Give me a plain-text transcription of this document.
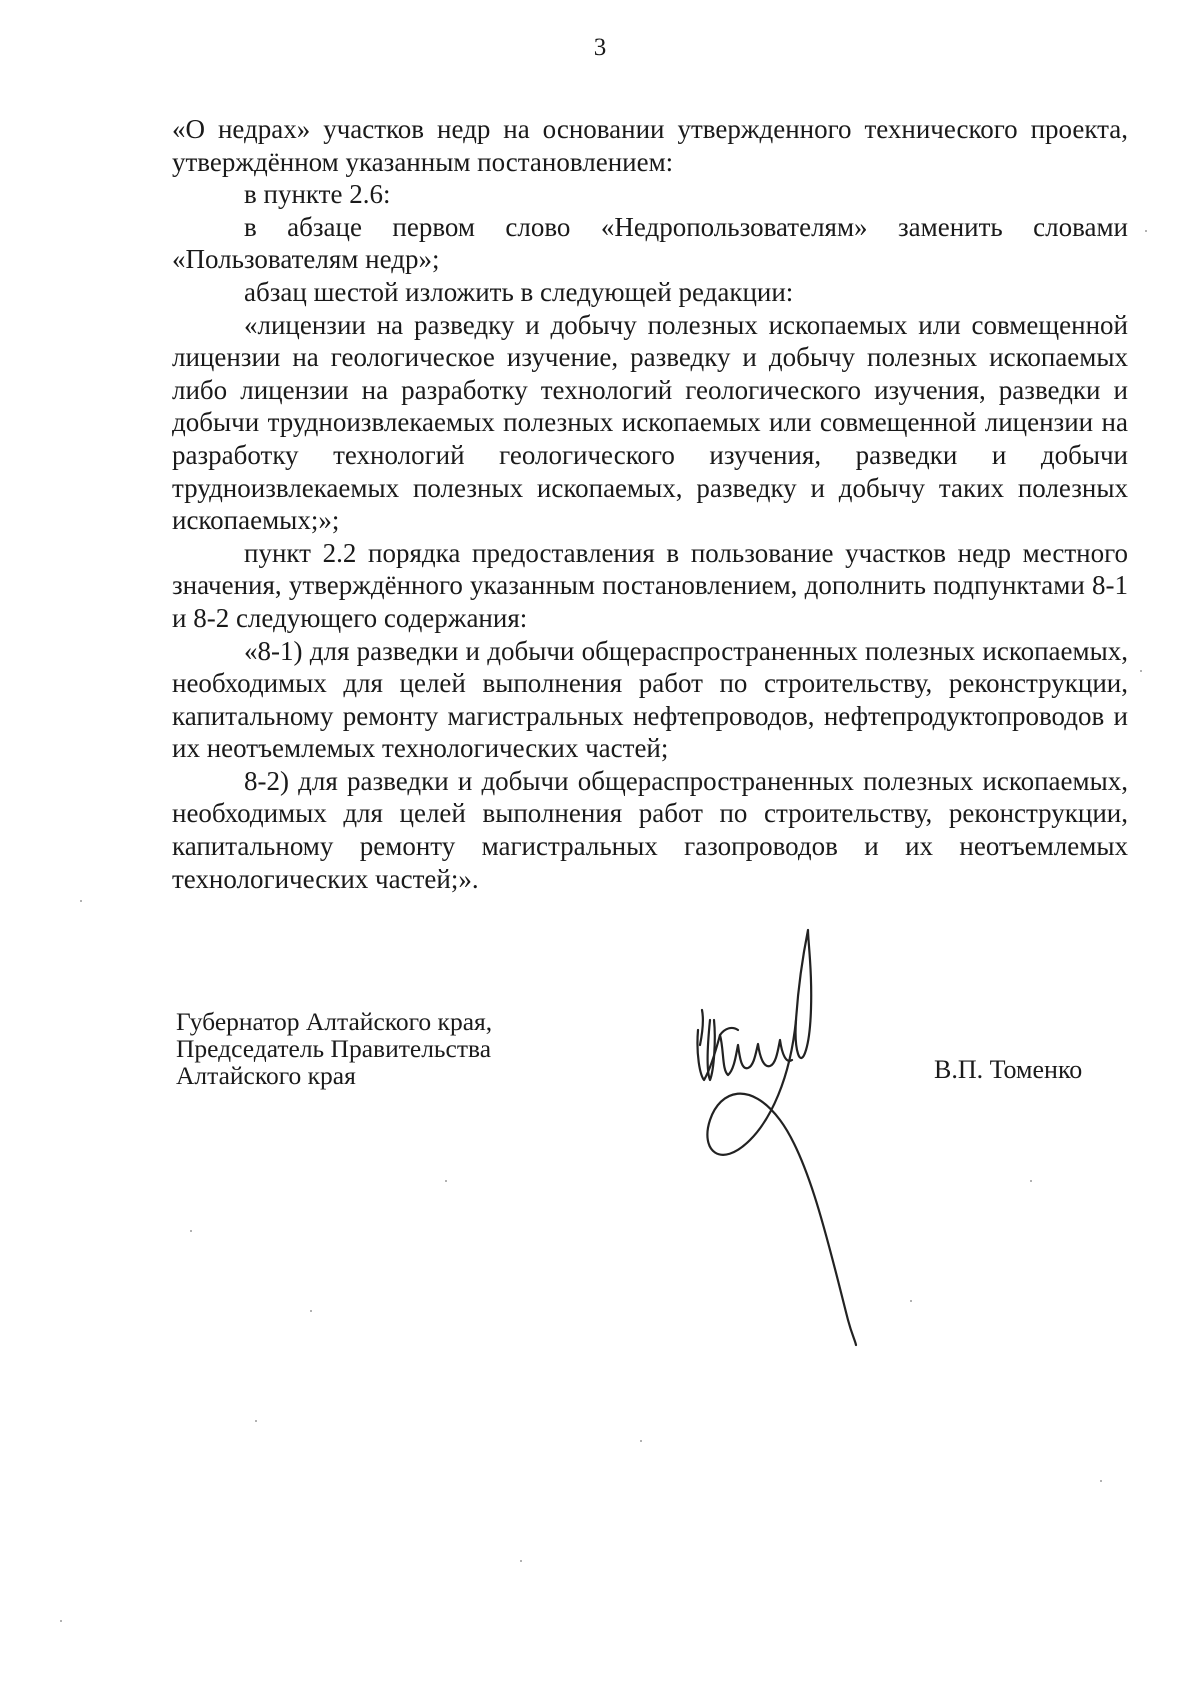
3

«О недрах» участков недр на основании утвержденного технического проекта, утверждённом указанным постановлением:

в пункте 2.6:

в абзаце первом слово «Недропользователям» заменить словами «Пользователям недр»;

абзац шестой изложить в следующей редакции:

«лицензии на разведку и добычу полезных ископаемых или совмещенной лицензии на геологическое изучение, разведку и добычу полезных ископаемых либо лицензии на разработку технологий геологического изучения, разведки и добычи трудноизвлекаемых полезных ископаемых или совмещенной лицензии на разработку технологий геологического изучения, разведки и добычи трудноизвлекаемых полезных ископаемых, разведку и добычу таких полезных ископаемых;»;

пункт 2.2 порядка предоставления в пользование участков недр местного значения, утверждённого указанным постановлением, дополнить подпунктами 8-1 и 8-2 следующего содержания:

«8-1) для разведки и добычи общераспространенных полезных ископаемых, необходимых для целей выполнения работ по строительству, реконструкции, капитальному ремонту магистральных нефтепроводов, нефтепродуктопроводов и их неотъемлемых технологических частей;

8-2) для разведки и добычи общераспространенных полезных ископаемых, необходимых для целей выполнения работ по строительству, реконструкции, капитальному ремонту магистральных газопроводов и их неотъемлемых технологических частей;».

Губернатор Алтайского края,
Председатель Правительства
Алтайского края	В.П. Томенко
